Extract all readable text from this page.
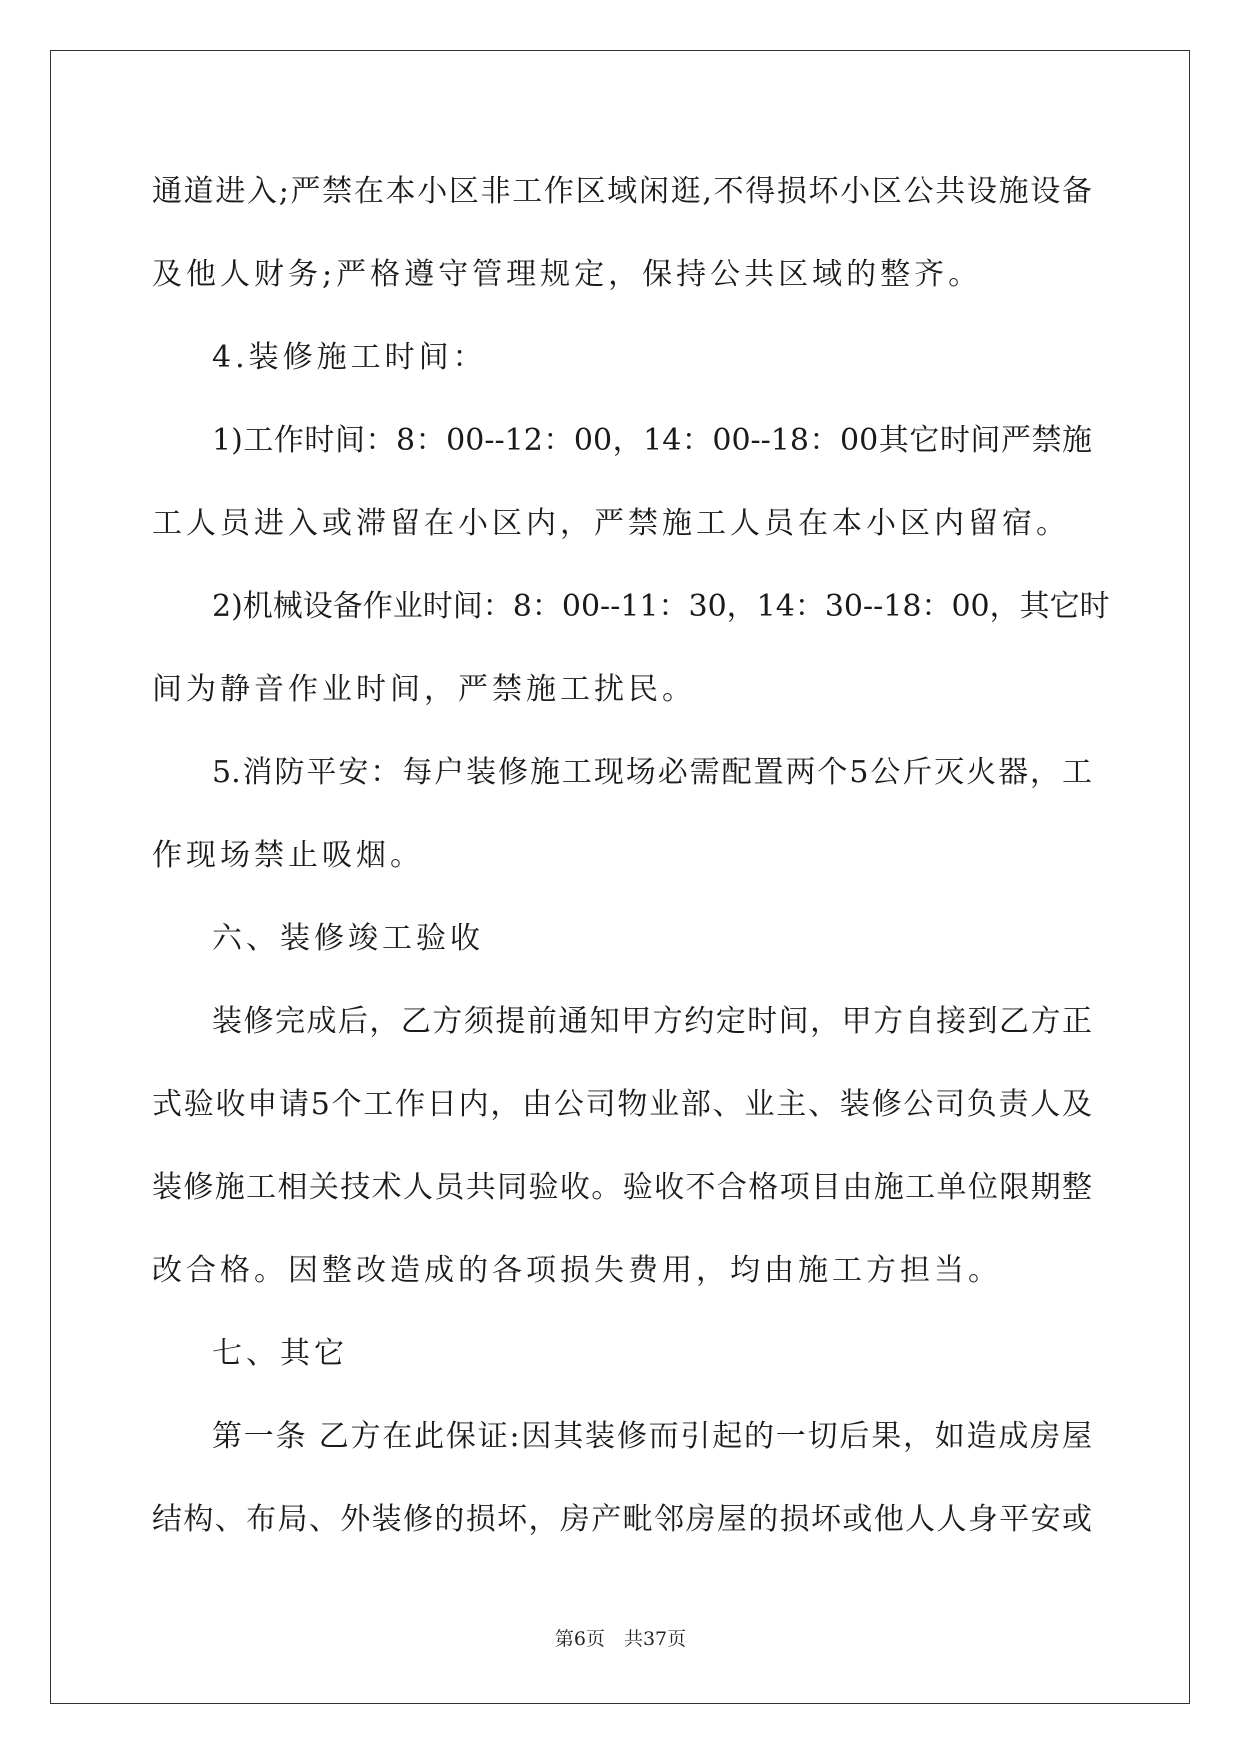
通道进入;严禁在本小区非工作区域闲逛,不得损坏小区公共设施设备
及他人财务;严格遵守管理规定，保持公共区域的整齐。
4.装修施工时间：
1)工作时间：8：00--12：00，14：00--18：00其它时间严禁施
工人员进入或滞留在小区内，严禁施工人员在本小区内留宿。
2)机械设备作业时间：8：00--11：30，14：30--18：00，其它时
间为静音作业时间，严禁施工扰民。
5.消防平安：每户装修施工现场必需配置两个5公斤灭火器，工
作现场禁止吸烟。
六、装修竣工验收
装修完成后，乙方须提前通知甲方约定时间，甲方自接到乙方正
式验收申请5个工作日内，由公司物业部、业主、装修公司负责人及
装修施工相关技术人员共同验收。验收不合格项目由施工单位限期整
改合格。因整改造成的各项损失费用，均由施工方担当。
七、其它
第一条 乙方在此保证:因其装修而引起的一切后果，如造成房屋
结构、布局、外装修的损坏，房产毗邻房屋的损坏或他人人身平安或
第6页　共37页
